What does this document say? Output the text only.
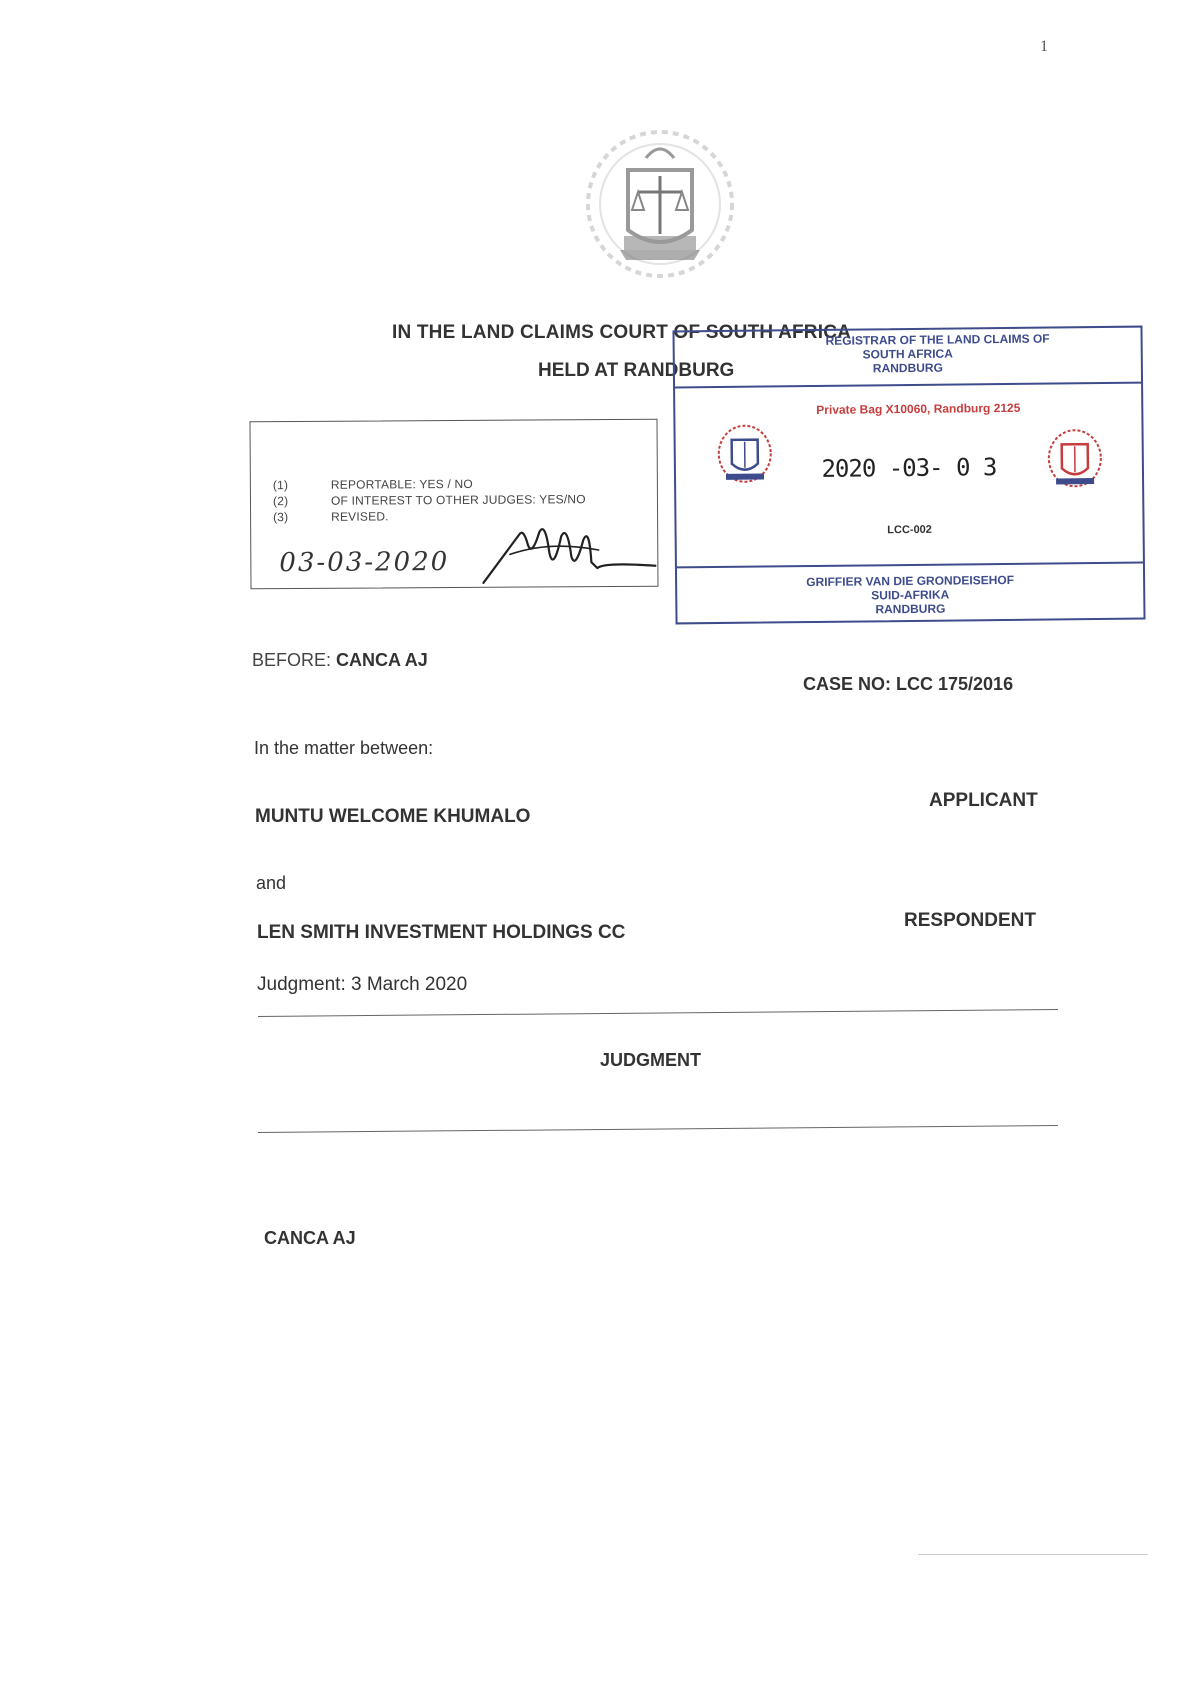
1
IN THE LAND CLAIMS COURT OF SOUTH AFRICA
HELD AT RANDBURG
(1)	REPORTABLE: YES / NO
(2)	OF INTEREST TO OTHER JUDGES: YES/NO
(3)	REVISED.
03-03-2020
REGISTRAR OF THE LAND CLAIMS OF
SOUTH AFRICA
RANDBURG
Private Bag X10060, Randburg 2125
2020 -03- 0 3
LCC-002
GRIFFIER VAN DIE GRONDEISEHOF
SUID-AFRIKA
RANDBURG
BEFORE: CANCA AJ
CASE NO: LCC 175/2016
In the matter between:
MUNTU WELCOME KHUMALO
APPLICANT
and
LEN SMITH INVESTMENT HOLDINGS CC
RESPONDENT
Judgment: 3 March 2020
JUDGMENT
CANCA AJ
